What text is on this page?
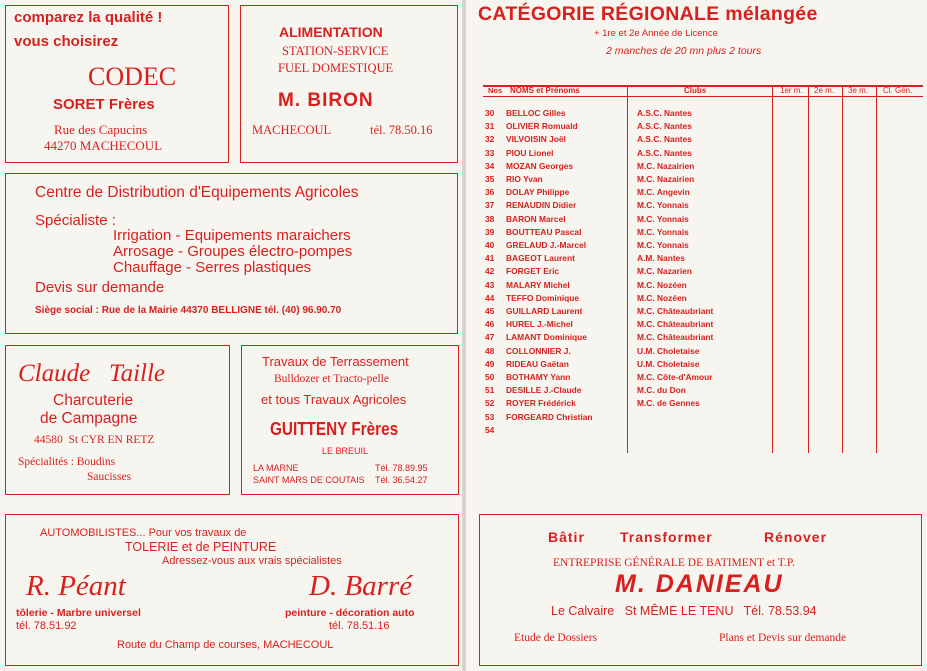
comparez la qualité !
vous choisirez
CODEC
SORET Frères
Rue des Capucins
44270 MACHECOUL
ALIMENTATION
STATION-SERVICE
FUEL DOMESTIQUE
M. BIRON
MACHECOUL	tél. 78.50.16
Centre de Distribution d'Equipements Agricoles
Spécialiste :
Irrigation - Equipements maraichers
Arrosage - Groupes électro-pompes
Chauffage - Serres plastiques
Devis sur demande
Siège social : Rue de la Mairie 44370 BELLIGNE tél. (40) 96.90.70
Claude   Taille
Charcuterie
de Campagne
44580  St CYR EN RETZ
Spécialités : Boudins
Saucisses
Travaux de Terrassement
Bulldozer et Tracto-pelle
et tous Travaux Agricoles
GUITTENY Frères
LE BREUIL
LA MARNE	Tél. 78.89.95
SAINT MARS DE COUTAIS Tél. 36.54.27
AUTOMOBILISTES... Pour vos travaux de
TOLERIE et de PEINTURE
Adressez-vous aux vrais spécialistes
R. Péant	D. Barré
tôlerie - Marbre universel
tél. 78.51.92
peinture - décoration auto
tél. 78.51.16
Route du Champ de courses, MACHECOUL
CATÉGORIE RÉGIONALE mélangée
+ 1re et 2e Année de Licence
2 manches de 20 mn plus 2 tours
Nos NOMS et Prénoms	Clubs	1er m. 2e m. 3e m. Cl. Gén.
30 BELLOC Gilles	A.S.C. Nantes
31 OLIVIER Romuald	A.S.C. Nantes
32 VILVOISIN Joël	A.S.C. Nantes
33 PIOU Lionel	A.S.C. Nantes
34 MOZAN Georges	M.C. Nazairien
35 RIO Yvan	M.C. Nazairien
36 DOLAY Philippe	M.C. Angevin
37 RENAUDIN Didier	M.C. Yonnais
38 BARON Marcel	M.C. Yonnais
39 BOUTTEAU Pascal	M.C. Yonnais
40 GRELAUD J.-Marcel	M.C. Yonnais
41 BAGEOT Laurent	A.M. Nantes
42 FORGET Eric	M.C. Nazarien
43 MALARY Michel	M.C. Nozéen
44 TEFFO Dominique	M.C. Nozéen
45 GUILLARD Laurent	M.C. Châteaubriant
46 HUREL J.-Michel	M.C. Châteaubriant
47 LAMANT Dominique	M.C. Châteaubriant
48 COLLONNIER J.	U.M. Choletaise
49 RIDEAU Gaëtan	U.M. Choletaise
50 BOTHAMY Yann	M.C. Côte-d'Amour
51 DESILLE J.-Claude	M.C. du Don
52 ROYER Frédérick	M.C. de Gennes
53 FORGEARD Christian
54
Bâtir	Transformer	Rénover
ENTREPRISE GÉNÉRALE DE BATIMENT et T.P.
M. DANIEAU
Le Calvaire   St MÊME LE TENU   Tél. 78.53.94
Etude de Dossiers	Plans et Devis sur demande
